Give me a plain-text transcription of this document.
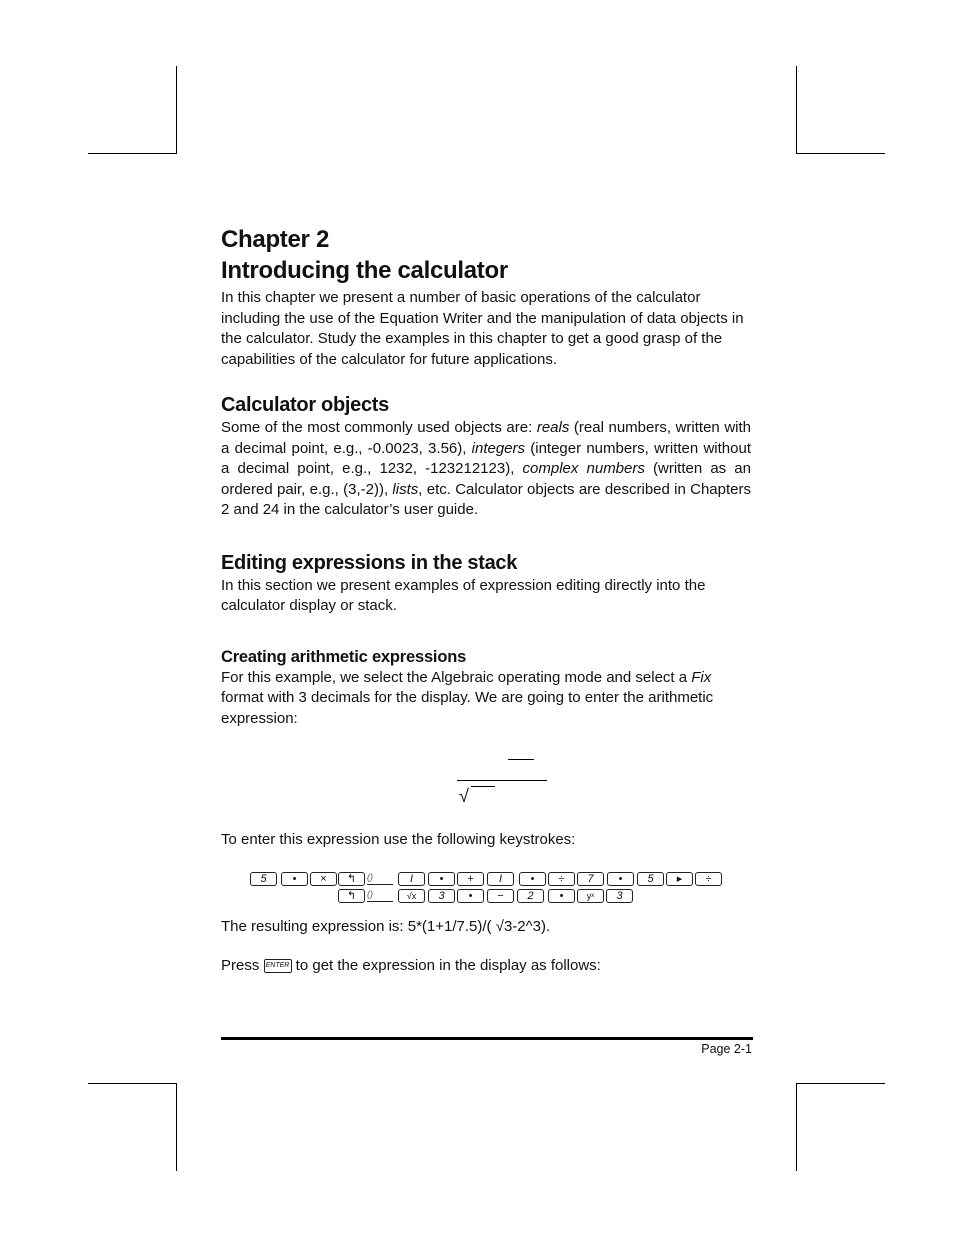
Chapter 2
Introducing the calculator

In this chapter we present a number of basic operations of the calculator including the use of the Equation Writer and the manipulation of data objects in the calculator. Study the examples in this chapter to get a good grasp of the capabilities of the calculator for future applications.

Calculator objects

Some of the most commonly used objects are: reals (real numbers, written with a decimal point, e.g., -0.0023, 3.56), integers (integer numbers, written without a decimal point, e.g., 1232, -123212123), complex numbers (written as an ordered pair, e.g., (3,-2)), lists, etc. Calculator objects are described in Chapters 2 and 24 in the calculator’s user guide.

Editing expressions in the stack

In this section we present examples of expression editing directly into the calculator display or stack.

Creating arithmetic expressions

For this example, we select the Algebraic operating mode and select a Fix format with 3 decimals for the display. We are going to enter the arithmetic expression:

√

To enter this expression use the following keystrokes:

5	•	×	↰	()	I	•	+	I	•	÷	7	•	5	▸	÷
↰	()	√x	3	•	−	2	•	yˣ	3

The resulting expression is: 5*(1+1/7.5)/( √3-2^3).

Press ENTER to get the expression in the display as follows:

Page 2-1
